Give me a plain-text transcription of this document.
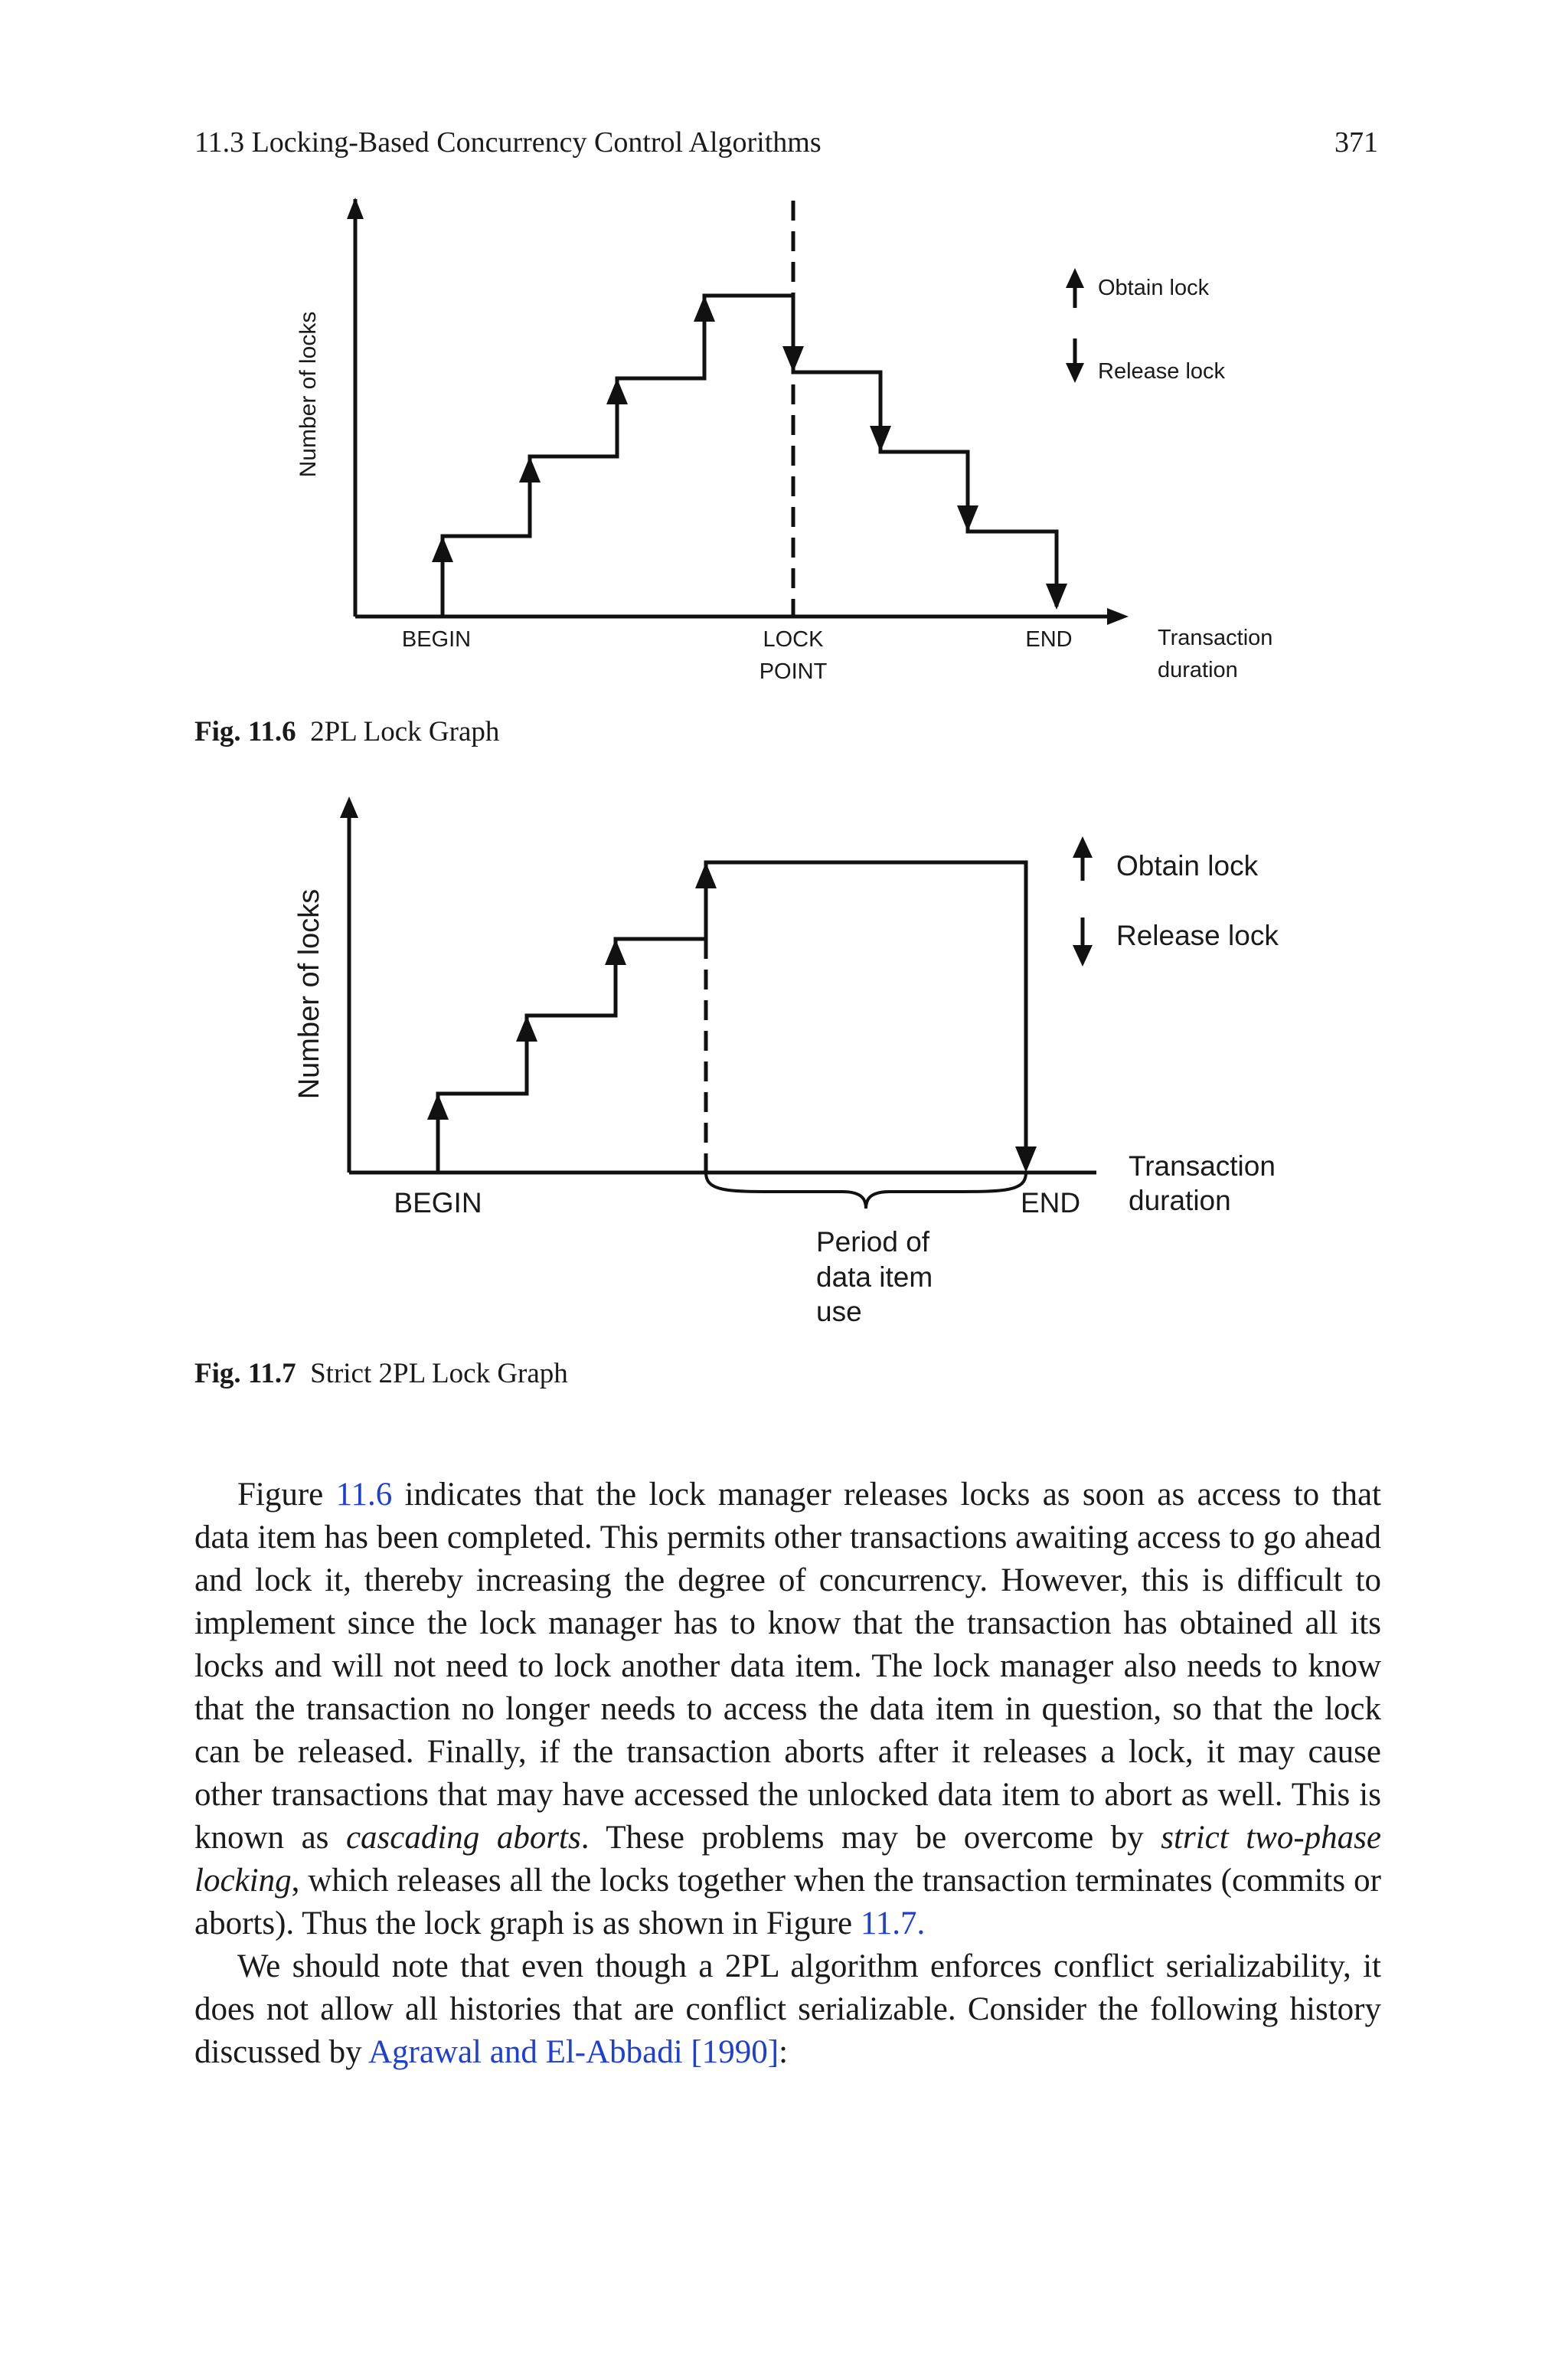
11.3 Locking-Based Concurrency Control Algorithms	371
Number of locks
Obtain lock
Release lock
BEGIN	LOCK
POINT
END	Transaction
duration
Number of locks
Obtain lock
Release lock
BEGIN	END
Transaction
duration
Period of
data item
use
Fig. 11.6 2PL Lock Graph
Fig. 11.7 Strict 2PL Lock Graph

Figure 11.6 indicates that the lock manager releases locks as soon as access to that data item has been completed. This permits other transactions awaiting access to go ahead and lock it, thereby increasing the degree of concurrency. However, this is difficult to implement since the lock manager has to know that the transaction has obtained all its locks and will not need to lock another data item. The lock manager also needs to know that the transaction no longer needs to access the data item in question, so that the lock can be released. Finally, if the transaction aborts after it releases a lock, it may cause other transactions that may have accessed the unlocked data item to abort as well. This is known as cascading aborts. These problems may be overcome by strict two-phase locking, which releases all the locks together when the transaction terminates (commits or aborts). Thus the lock graph is as shown in Figure 11.7.

We should note that even though a 2PL algorithm enforces conflict serializability, it does not allow all histories that are conflict serializable. Consider the following history discussed by Agrawal and El-Abbadi [1990]:
